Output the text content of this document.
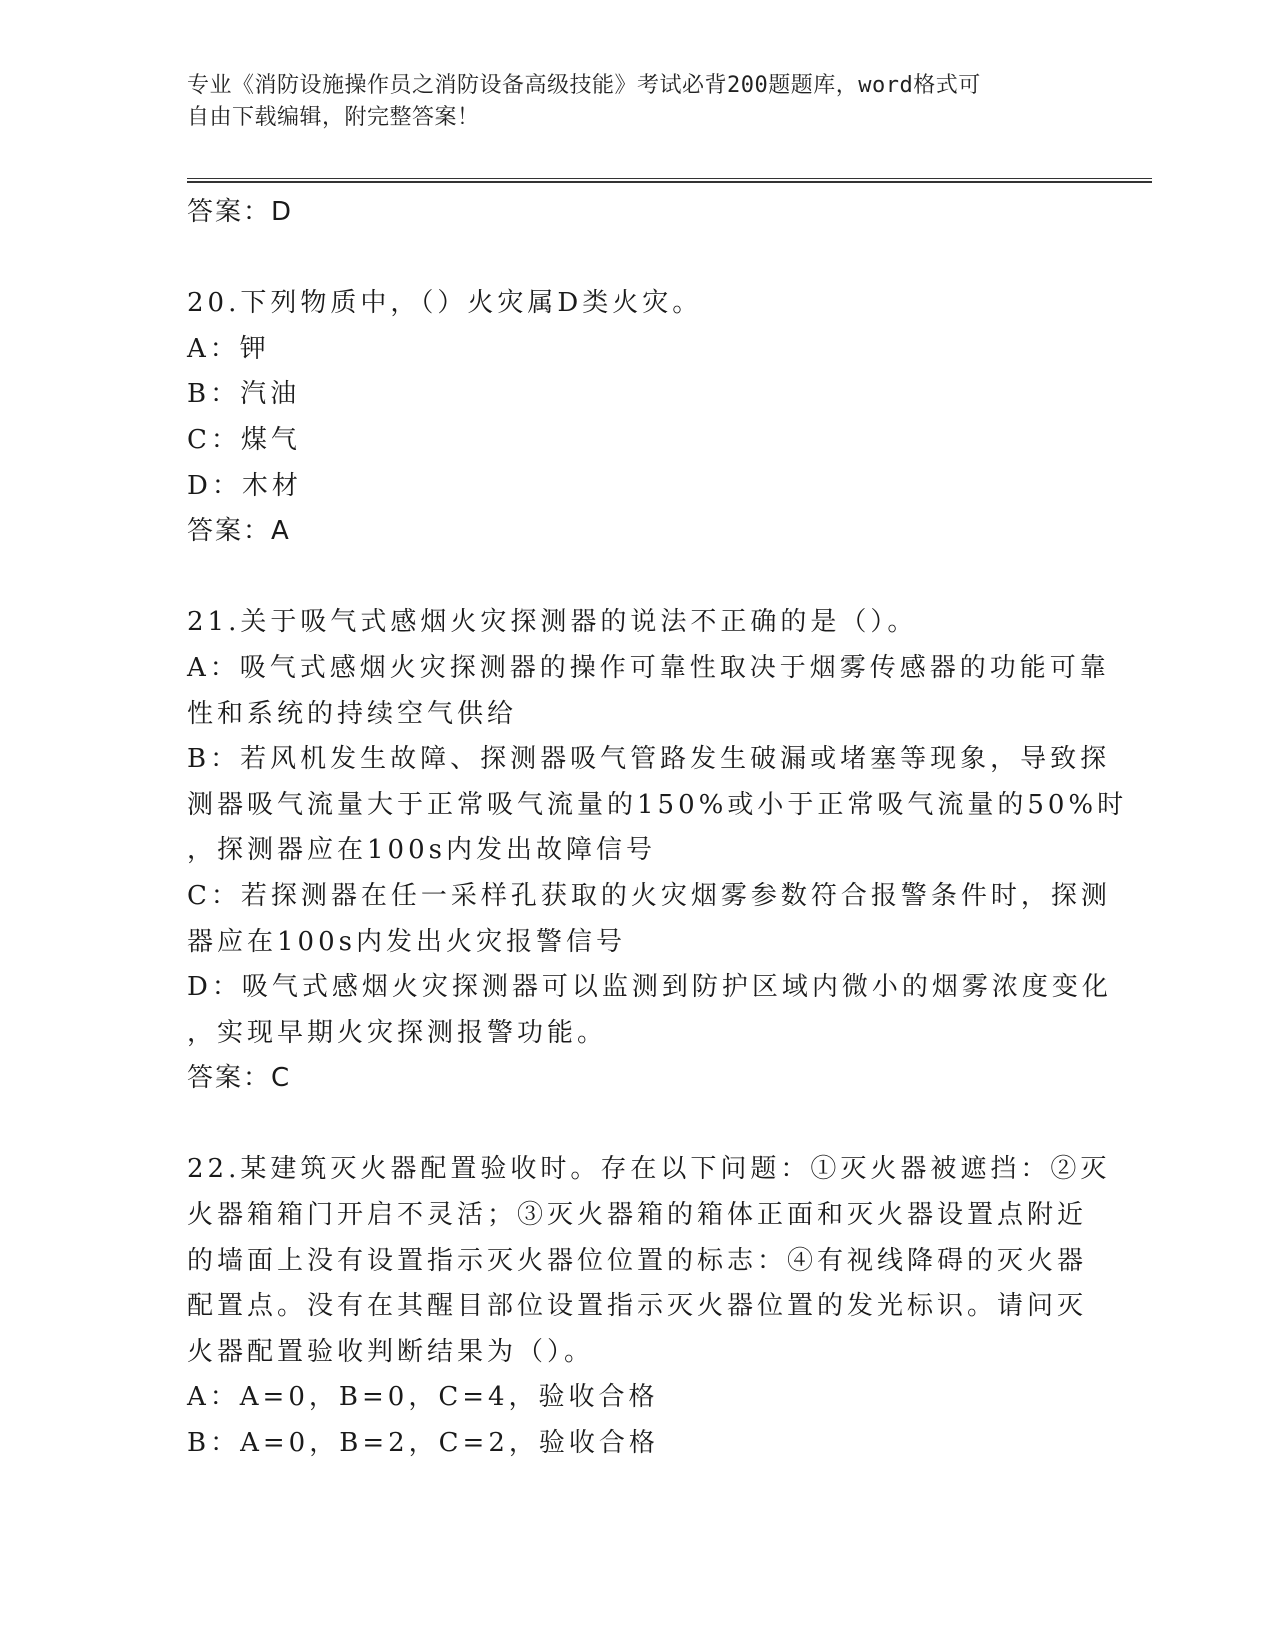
专业《消防设施操作员之消防设备高级技能》考试必背200题题库，word格式可
自由下载编辑，附完整答案！
答案：D
20.下列物质中，（）火灾属D类火灾。
A：钾
B：汽油
C：煤气
D：木材
答案：A
21.关于吸气式感烟火灾探测器的说法不正确的是（）。
A：吸气式感烟火灾探测器的操作可靠性取决于烟雾传感器的功能可靠
性和系统的持续空气供给
B：若风机发生故障、探测器吸气管路发生破漏或堵塞等现象，导致探
测器吸气流量大于正常吸气流量的150%或小于正常吸气流量的50%时
，探测器应在100s内发出故障信号
C：若探测器在任一采样孔获取的火灾烟雾参数符合报警条件时，探测
器应在100s内发出火灾报警信号
D：吸气式感烟火灾探测器可以监测到防护区域内微小的烟雾浓度变化
，实现早期火灾探测报警功能。
答案：C
22.某建筑灭火器配置验收时。存在以下问题：①灭火器被遮挡：②灭
火器箱箱门开启不灵活；③灭火器箱的箱体正面和灭火器设置点附近
的墙面上没有设置指示灭火器位位置的标志：④有视线降碍的灭火器
配置点。没有在其醒目部位设置指示灭火器位置的发光标识。请问灭
火器配置验收判断结果为（）。
A：A=0，B=0，C=4，验收合格
B：A=0，B=2，C=2，验收合格
